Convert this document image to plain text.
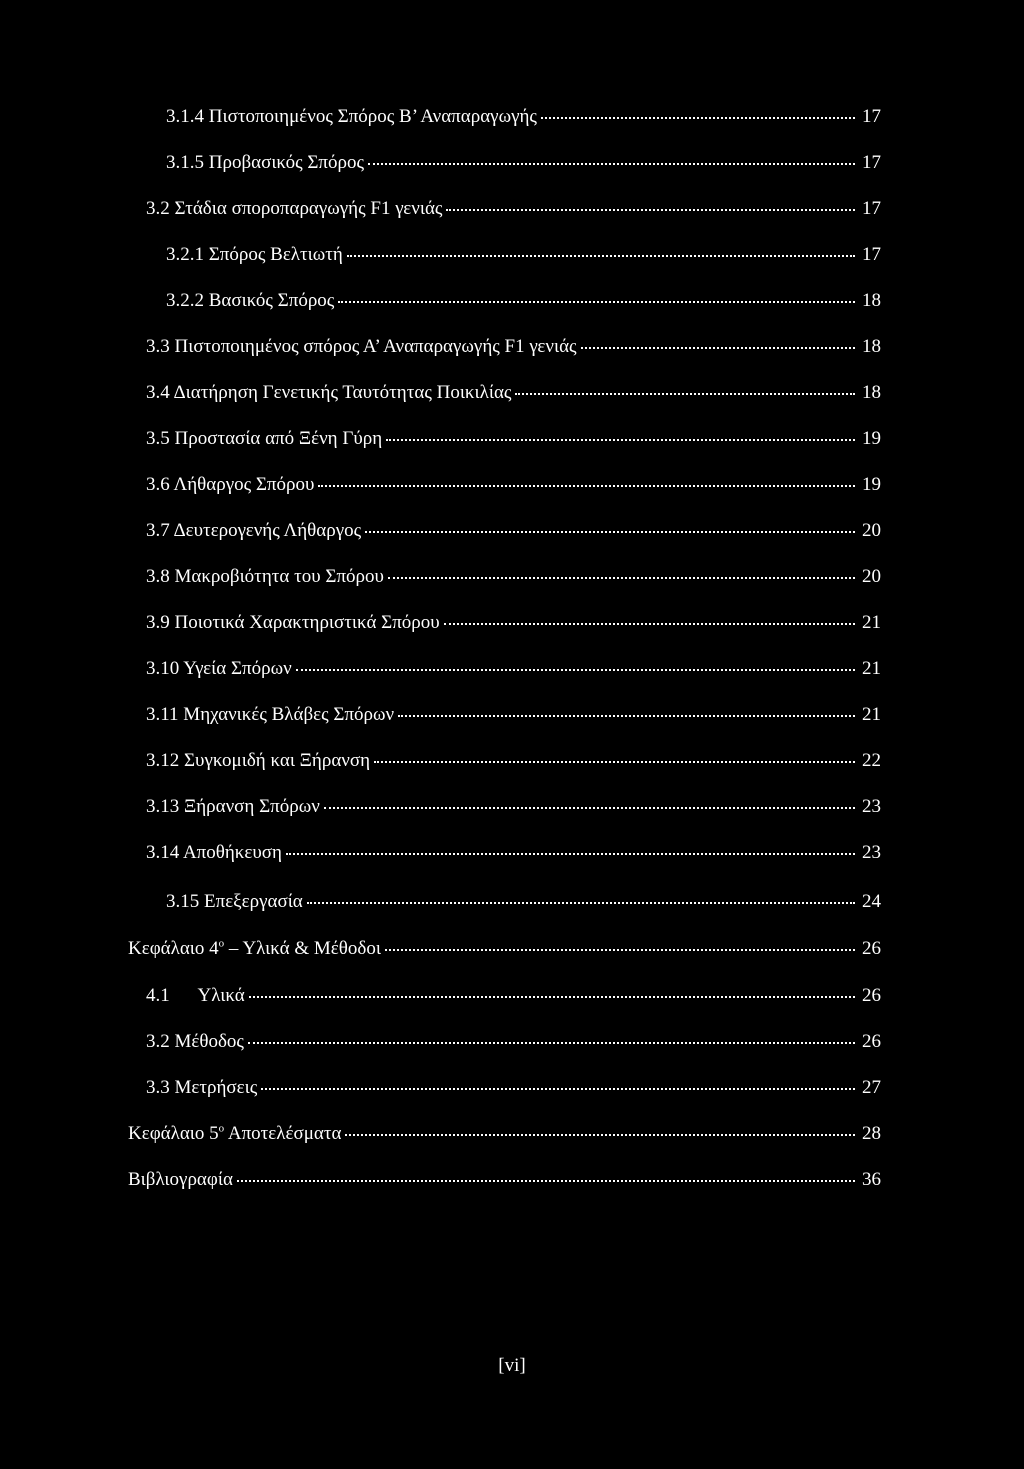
3.1.4 Πιστοποιημένος Σπόρος Β’ Αναπαραγωγής	17
3.1.5 Προβασικός Σπόρος	17
3.2 Στάδια σποροπαραγωγής F1 γενιάς	17
3.2.1 Σπόρος Βελτιωτή	17
3.2.2 Βασικός Σπόρος	18
3.3 Πιστοποιημένος σπόρος Α’ Αναπαραγωγής F1 γενιάς	18
3.4 Διατήρηση Γενετικής Ταυτότητας Ποικιλίας	18
3.5 Προστασία από Ξένη Γύρη	19
3.6 Λήθαργος Σπόρου	19
3.7 Δευτερογενής Λήθαργος	20
3.8 Μακροβιότητα του Σπόρου	20
3.9 Ποιοτικά Χαρακτηριστικά Σπόρου	21
3.10 Υγεία Σπόρων	21
3.11 Μηχανικές Βλάβες Σπόρων	21
3.12 Συγκομιδή και Ξήρανση	22
3.13 Ξήρανση Σπόρων	23
3.14 Αποθήκευση	23
3.15 Επεξεργασία	24
Κεφάλαιο $4^o$ – Υλικά & Μέθοδοι	26
4.1      Υλικά	26
3.2 Μέθοδος	26
3.3 Μετρήσεις	27
Κεφάλαιο $5^o$ Αποτελέσματα	28
Βιβλιογραφία	36
[vi]
